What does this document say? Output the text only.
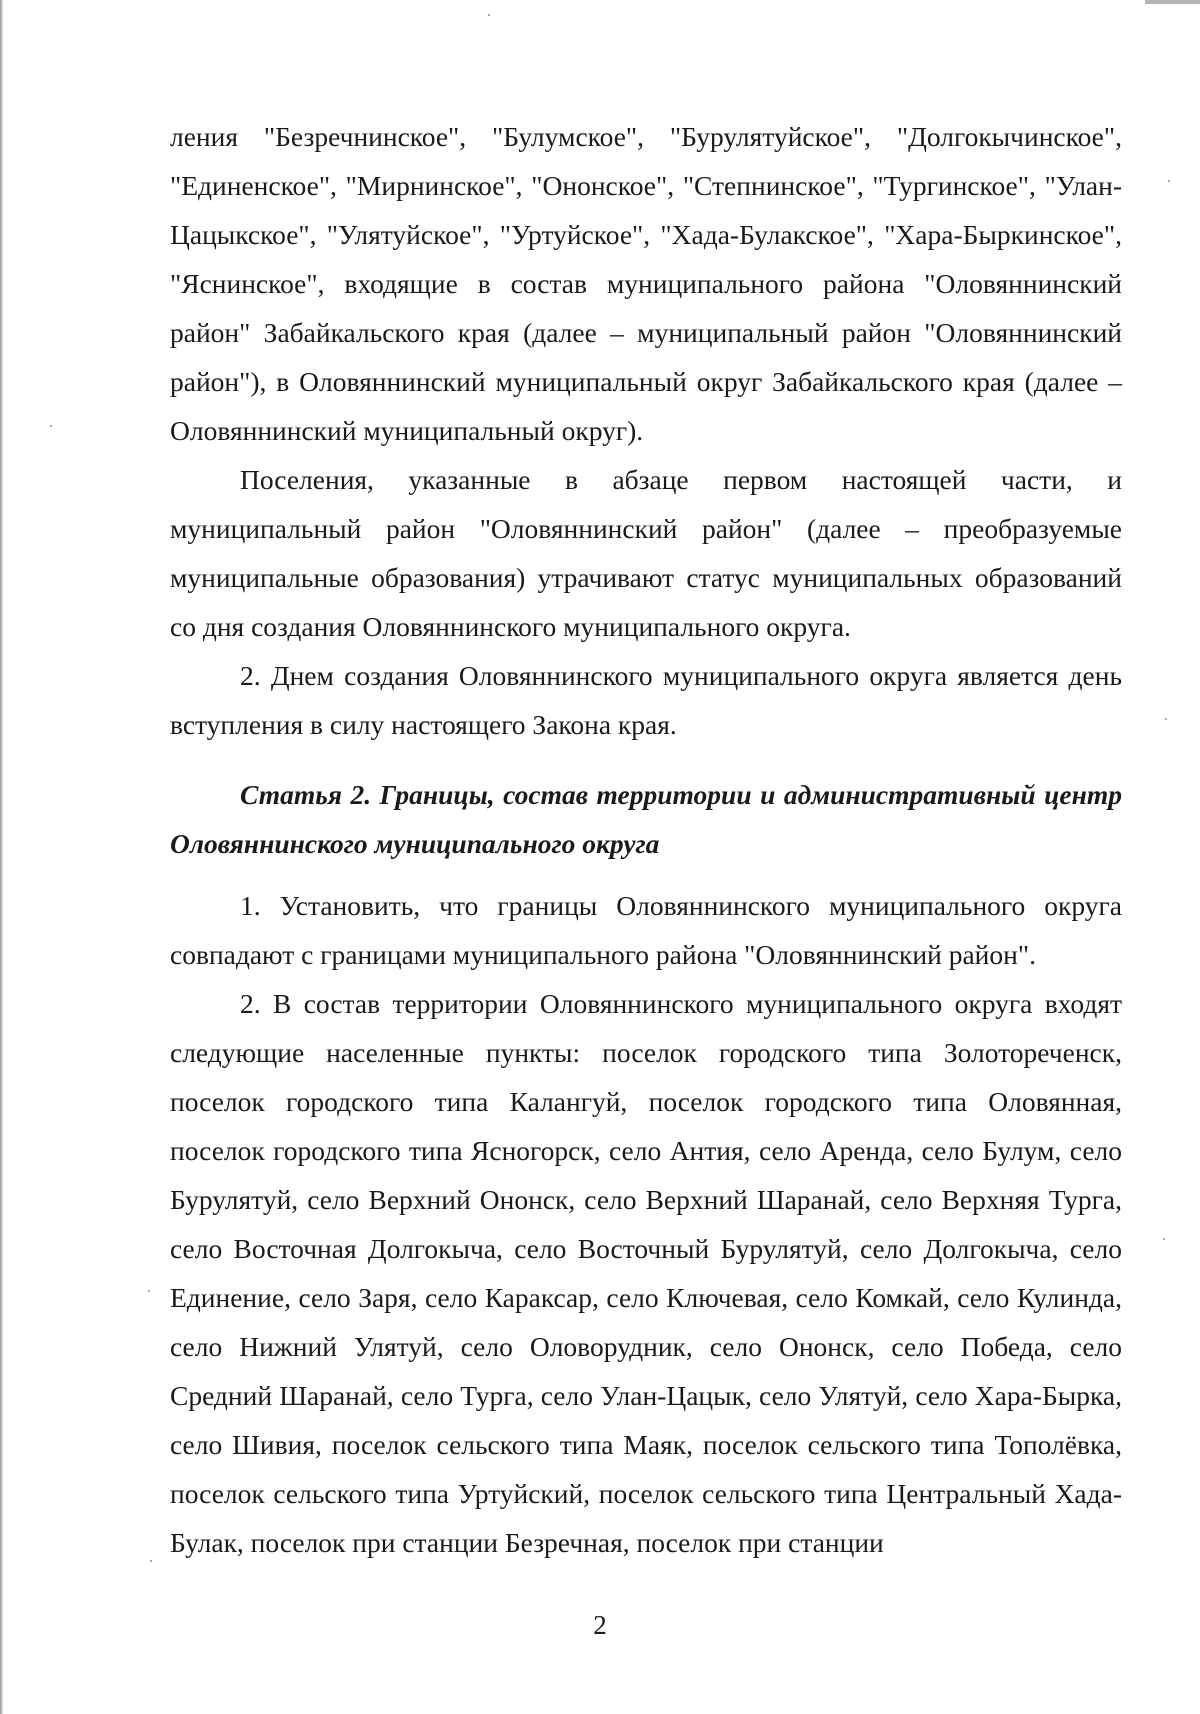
ления "Безречнинское", "Булумское", "Бурулятуйское", "Долгокычинское", "Единенское", "Мирнинское", "Ононское", "Степнинское", "Тургинское", "Улан-Цацыкское", "Улятуйское", "Уртуйское", "Хада-Булакское", "Хара-Быркинское", "Яснинское", входящие в состав муниципального района "Оловяннинский район" Забайкальского края (далее – муниципальный район "Оловяннинский район"), в Оловяннинский муниципальный округ Забайкальского края (далее – Оловяннинский муниципальный округ).

Поселения, указанные в абзаце первом настоящей части, и муниципальный район "Оловяннинский район" (далее – преобразуемые муниципальные образования) утрачивают статус муниципальных образований со дня создания Оловяннинского муниципального округа.

2. Днем создания Оловяннинского муниципального округа является день вступления в силу настоящего Закона края.

Статья 2. Границы, состав территории и административный центр Оловяннинского муниципального округа

1. Установить, что границы Оловяннинского муниципального округа совпадают с границами муниципального района "Оловяннинский район".

2. В состав территории Оловяннинского муниципального округа входят следующие населенные пункты: поселок городского типа Золотореченск, поселок городского типа Калангуй, поселок городского типа Оловянная, поселок городского типа Ясногорск, село Антия, село Аренда, село Булум, село Бурулятуй, село Верхний Ононск, село Верхний Шаранай, село Верхняя Турга, село Восточная Долгокыча, село Восточный Бурулятуй, село Долгокыча, село Единение, село Заря, село Караксар, село Ключевая, село Комкай, село Кулинда, село Нижний Улятуй, село Оловорудник, село Ононск, село Победа, село Средний Шаранай, село Турга, село Улан-Цацык, село Улятуй, село Хара-Бырка, село Шивия, поселок сельского типа Маяк, поселок сельского типа Тополёвка, поселок сельского типа Уртуйский, поселок сельского типа Центральный Хада-Булак, поселок при станции Безречная, поселок при станции

2
